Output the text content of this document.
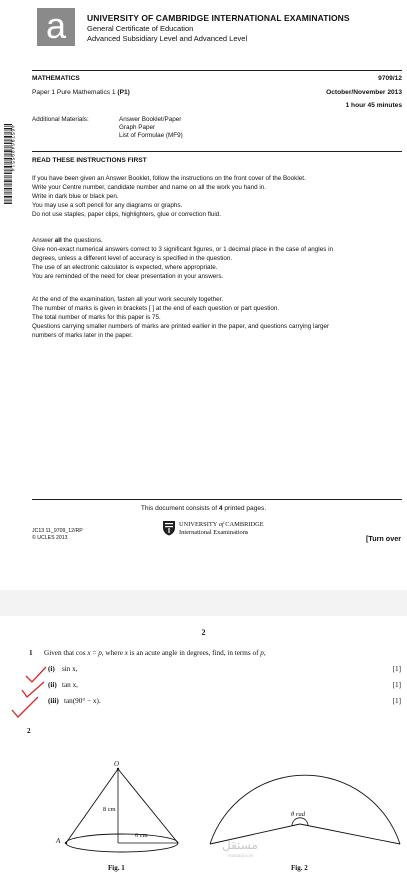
a	UNIVERSITY OF CAMBRIDGE INTERNATIONAL EXAMINATIONS
General Certificate of Education
Advanced Subsidiary Level and Advanced Level
MATHEMATICS	9709/12
Paper 1 Pure Mathematics 1 (P1)	October/November 2013
1 hour 45 minutes
Additional Materials:	Answer Booklet/Paper
Graph Paper
List of Formulae (MF9)
4657964805514	READ THESE INSTRUCTIONS FIRST
If you have been given an Answer Booklet, follow the instructions on the front cover of the Booklet.
Write your Centre number, candidate number and name on all the work you hand in.
Write in dark blue or black pen.
You may use a soft pencil for any diagrams or graphs.
Do not use staples, paper clips, highlighters, glue or correction fluid.
Answer all the questions.
Give non-exact numerical answers correct to 3 significant figures, or 1 decimal place in the case of angles in
degrees, unless a different level of accuracy is specified in the question.
The use of an electronic calculator is expected, where appropriate.
You are reminded of the need for clear presentation in your answers.
At the end of the examination, fasten all your work securely together.
The number of marks is given in brackets [ ] at the end of each question or part question.
The total number of marks for this paper is 75.
Questions carrying smaller numbers of marks are printed earlier in the paper, and questions carrying larger
numbers of marks later in the paper.
This document consists of 4 printed pages.
JC13 11_9709_12/RP
© UCLES 2013
UNIVERSITY of CAMBRIDGE
International Examinations
[Turn over
2
1 Given that cos x = p, where x is an acute angle in degrees, find, in terms of p,
(i) sin x,	[1]
(ii) tan x,	[1]
(iii) tan(90° − x).	[1]
2
O
8 cm
6 cm
A
Fig. 1
θ rad
Fig. 2
مستقل
mostaql.com
